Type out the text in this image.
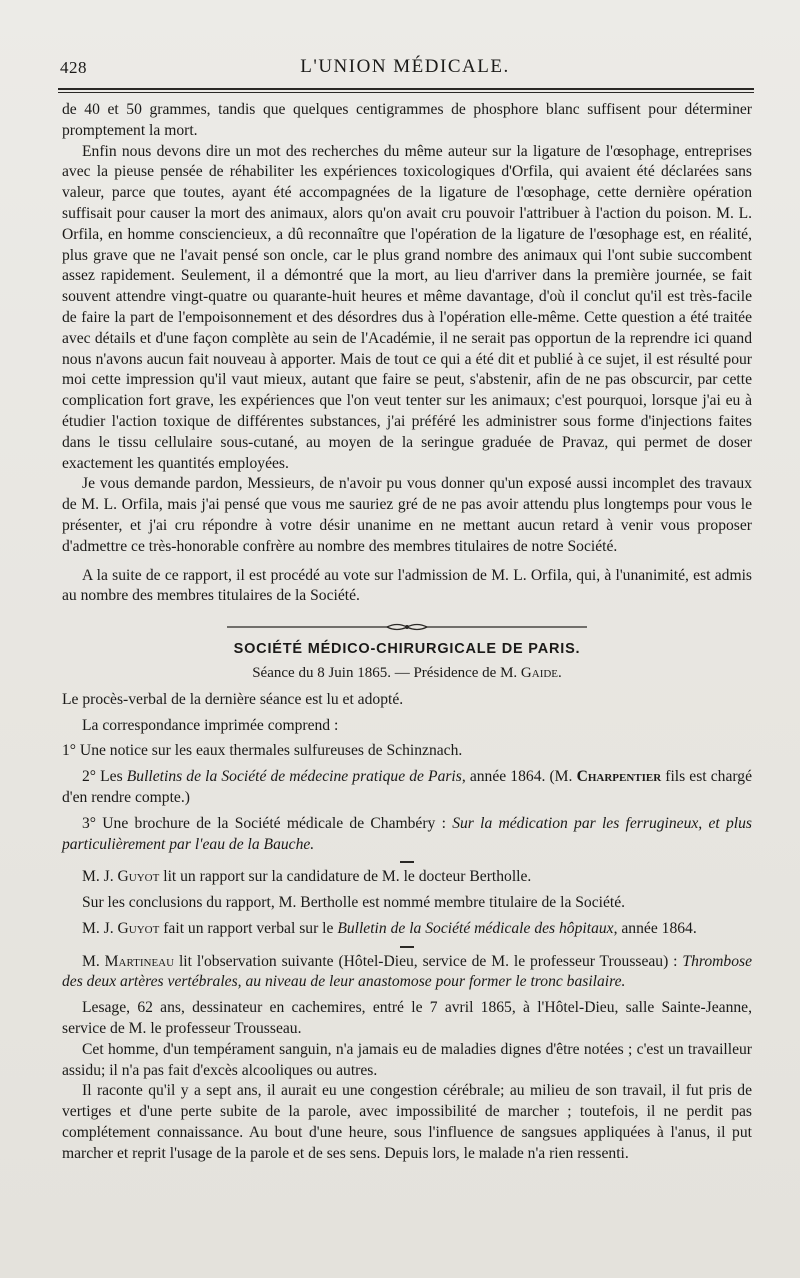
428	L'UNION MÉDICALE.

de 40 et 50 grammes, tandis que quelques centigrammes de phosphore blanc suffisent pour déterminer promptement la mort.

Enfin nous devons dire un mot des recherches du même auteur sur la ligature de l'œsophage, entreprises avec la pieuse pensée de réhabiliter les expériences toxicologiques d'Orfila, qui avaient été déclarées sans valeur, parce que toutes, ayant été accompagnées de la ligature de l'œsophage, cette dernière opération suffisait pour causer la mort des animaux, alors qu'on avait cru pouvoir l'attribuer à l'action du poison. M. L. Orfila, en homme consciencieux, a dû reconnaître que l'opération de la ligature de l'œsophage est, en réalité, plus grave que ne l'avait pensé son oncle, car le plus grand nombre des animaux qui l'ont subie succombent assez rapidement. Seulement, il a démontré que la mort, au lieu d'arriver dans la première journée, se fait souvent attendre vingt-quatre ou quarante-huit heures et même davantage, d'où il conclut qu'il est très-facile de faire la part de l'empoisonnement et des désordres dus à l'opération elle-même. Cette question a été traitée avec détails et d'une façon complète au sein de l'Académie, il ne serait pas opportun de la reprendre ici quand nous n'avons aucun fait nouveau à apporter. Mais de tout ce qui a été dit et publié à ce sujet, il est résulté pour moi cette impression qu'il vaut mieux, autant que faire se peut, s'abstenir, afin de ne pas obscurcir, par cette complication fort grave, les expériences que l'on veut tenter sur les animaux; c'est pourquoi, lorsque j'ai eu à étudier l'action toxique de différentes substances, j'ai préféré les administrer sous forme d'injections faites dans le tissu cellulaire sous-cutané, au moyen de la seringue graduée de Pravaz, qui permet de doser exactement les quantités employées.

Je vous demande pardon, Messieurs, de n'avoir pu vous donner qu'un exposé aussi incomplet des travaux de M. L. Orfila, mais j'ai pensé que vous me sauriez gré de ne pas avoir attendu plus longtemps pour vous le présenter, et j'ai cru répondre à votre désir unanime en ne mettant aucun retard à venir vous proposer d'admettre ce très-honorable confrère au nombre des membres titulaires de notre Société.

A la suite de ce rapport, il est procédé au vote sur l'admission de M. L. Orfila, qui, à l'unanimité, est admis au nombre des membres titulaires de la Société.

SOCIÉTÉ MÉDICO-CHIRURGICALE DE PARIS.
Séance du 8 Juin 1865. — Présidence de M. Gaide.

Le procès-verbal de la dernière séance est lu et adopté.

La correspondance imprimée comprend :

1° Une notice sur les eaux thermales sulfureuses de Schinznach.

2° Les Bulletins de la Société de médecine pratique de Paris, année 1864. (M. Charpentier fils est chargé d'en rendre compte.)

3° Une brochure de la Société médicale de Chambéry : Sur la médication par les ferrugineux, et plus particulièrement par l'eau de la Bauche.

M. J. Guyot lit un rapport sur la candidature de M. le docteur Bertholle.

Sur les conclusions du rapport, M. Bertholle est nommé membre titulaire de la Société.

M. J. Guyot fait un rapport verbal sur le Bulletin de la Société médicale des hôpitaux, année 1864.

M. Martineau lit l'observation suivante (Hôtel-Dieu, service de M. le professeur Trousseau) : Thrombose des deux artères vertébrales, au niveau de leur anastomose pour former le tronc basilaire.

Lesage, 62 ans, dessinateur en cachemires, entré le 7 avril 1865, à l'Hôtel-Dieu, salle Sainte-Jeanne, service de M. le professeur Trousseau.

Cet homme, d'un tempérament sanguin, n'a jamais eu de maladies dignes d'être notées ; c'est un travailleur assidu; il n'a pas fait d'excès alcooliques ou autres.

Il raconte qu'il y a sept ans, il aurait eu une congestion cérébrale; au milieu de son travail, il fut pris de vertiges et d'une perte subite de la parole, avec impossibilité de marcher ; toutefois, il ne perdit pas complétement connaissance. Au bout d'une heure, sous l'influence de sangsues appliquées à l'anus, il put marcher et reprit l'usage de la parole et de ses sens. Depuis lors, le malade n'a rien ressenti.
